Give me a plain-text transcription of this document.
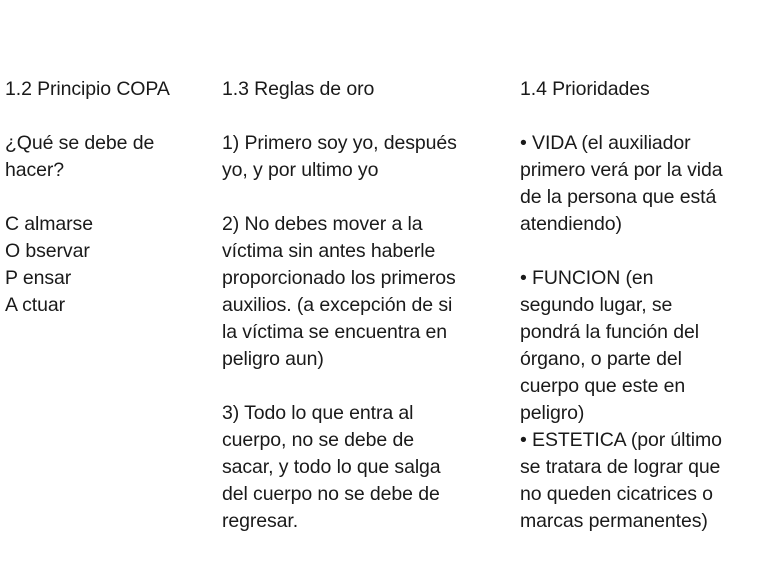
1.2 Principio COPA
¿Qué se debe de
hacer?
C almarse
O bservar
P ensar
A ctuar
1.3 Reglas de oro
1) Primero soy yo, después
yo, y por ultimo yo
2) No debes mover a la
víctima sin antes haberle
proporcionado los primeros
auxilios. (a excepción de si
la víctima se encuentra en
peligro aun)
3) Todo lo que entra al
cuerpo, no se debe de
sacar, y todo lo que salga
del cuerpo no se debe de
regresar.
1.4 Prioridades
• VIDA (el auxiliador
primero verá por la vida
de la persona que está
atendiendo)
• FUNCION (en
segundo lugar, se
pondrá la función del
órgano, o parte del
cuerpo que este en
peligro)
• ESTETICA (por último
se tratara de lograr que
no queden cicatrices o
marcas permanentes)
